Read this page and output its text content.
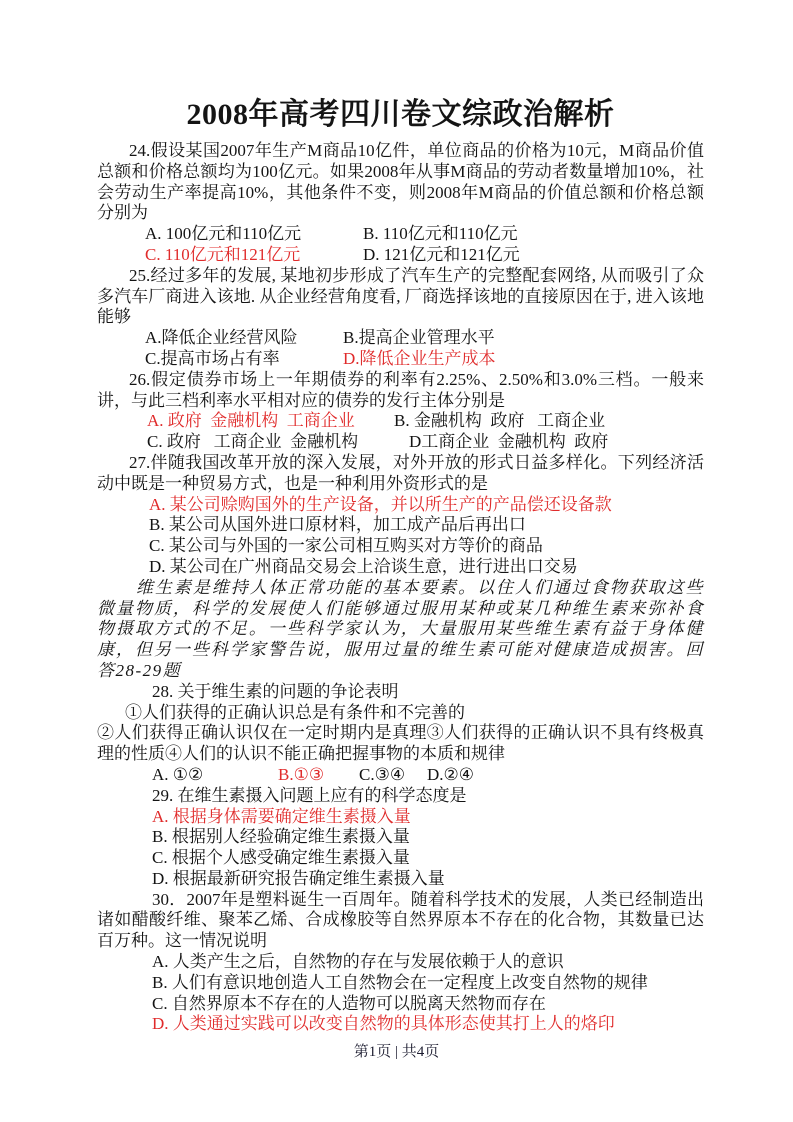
2008年高考四川卷文综政治解析

24.假设某国2007年生产M商品10亿件，单位商品的价格为10元，M商品价值总额和价格总额均为100亿元。如果2008年从事M商品的劳动者数量增加10%，社会劳动生产率提高10%，其他条件不变，则2008年M商品的价值总额和价格总额分别为

A. 100亿元和110亿元	B. 110亿元和110亿元

C. 110亿元和121亿元	D. 121亿元和121亿元

25.经过多年的发展, 某地初步形成了汽车生产的完整配套网络, 从而吸引了众多汽车厂商进入该地. 从企业经营角度看, 厂商选择该地的直接原因在于, 进入该地能够

A.降低企业经营风险	B.提高企业管理水平

C.提高市场占有率	D.降低企业生产成本

26.假定债券市场上一年期债券的利率有2.25%、2.50%和3.0%三档。一般来讲，与此三档利率水平相对应的债券的发行主体分别是

A. 政府  金融机构  工商企业 B. 金融机构  政府   工商企业

C. 政府   工商企业  金融机构	D工商企业  金融机构  政府

27.伴随我国改革开放的深入发展，对外开放的形式日益多样化。下列经济活动中既是一种贸易方式，也是一种利用外资形式的是

A. 某公司赊购国外的生产设备，并以所生产的产品偿还设备款

B. 某公司从国外进口原材料，加工成产品后再出口

C. 某公司与外国的一家公司相互购买对方等价的商品

D. 某公司在广州商品交易会上洽谈生意，进行进出口交易

维生素是维持人体正常功能的基本要素。以住人们通过食物获取这些微量物质，科学的发展使人们能够通过服用某种或某几种维生素来弥补食物摄取方式的不足。一些科学家认为，大量服用某些维生素有益于身体健康，但另一些科学家警告说，服用过量的维生素可能对健康造成损害。回答28-29题

28. 关于维生素的问题的争论表明

①人们获得的正确认识总是有条件和不完善的

②人们获得正确认识仅在一定时期内是真理③人们获得的正确认识不具有终极真理的性质④人们的认识不能正确把握事物的本质和规律

A. ①②	B.①③ C.③④ D.②④

29. 在维生素摄入问题上应有的科学态度是

A. 根据身体需要确定维生素摄入量

B. 根据别人经验确定维生素摄入量

C. 根据个人感受确定维生素摄入量

D. 根据最新研究报告确定维生素摄入量

30．2007年是塑料诞生一百周年。随着科学技术的发展，人类已经制造出诸如醋酸纤维、聚苯乙烯、合成橡胶等自然界原本不存在的化合物，其数量已达百万种。这一情况说明

A. 人类产生之后，自然物的存在与发展依赖于人的意识

B. 人们有意识地创造人工自然物会在一定程度上改变自然物的规律

C. 自然界原本不存在的人造物可以脱离天然物而存在

D. 人类通过实践可以改变自然物的具体形态使其打上人的烙印

第1页 | 共4页
